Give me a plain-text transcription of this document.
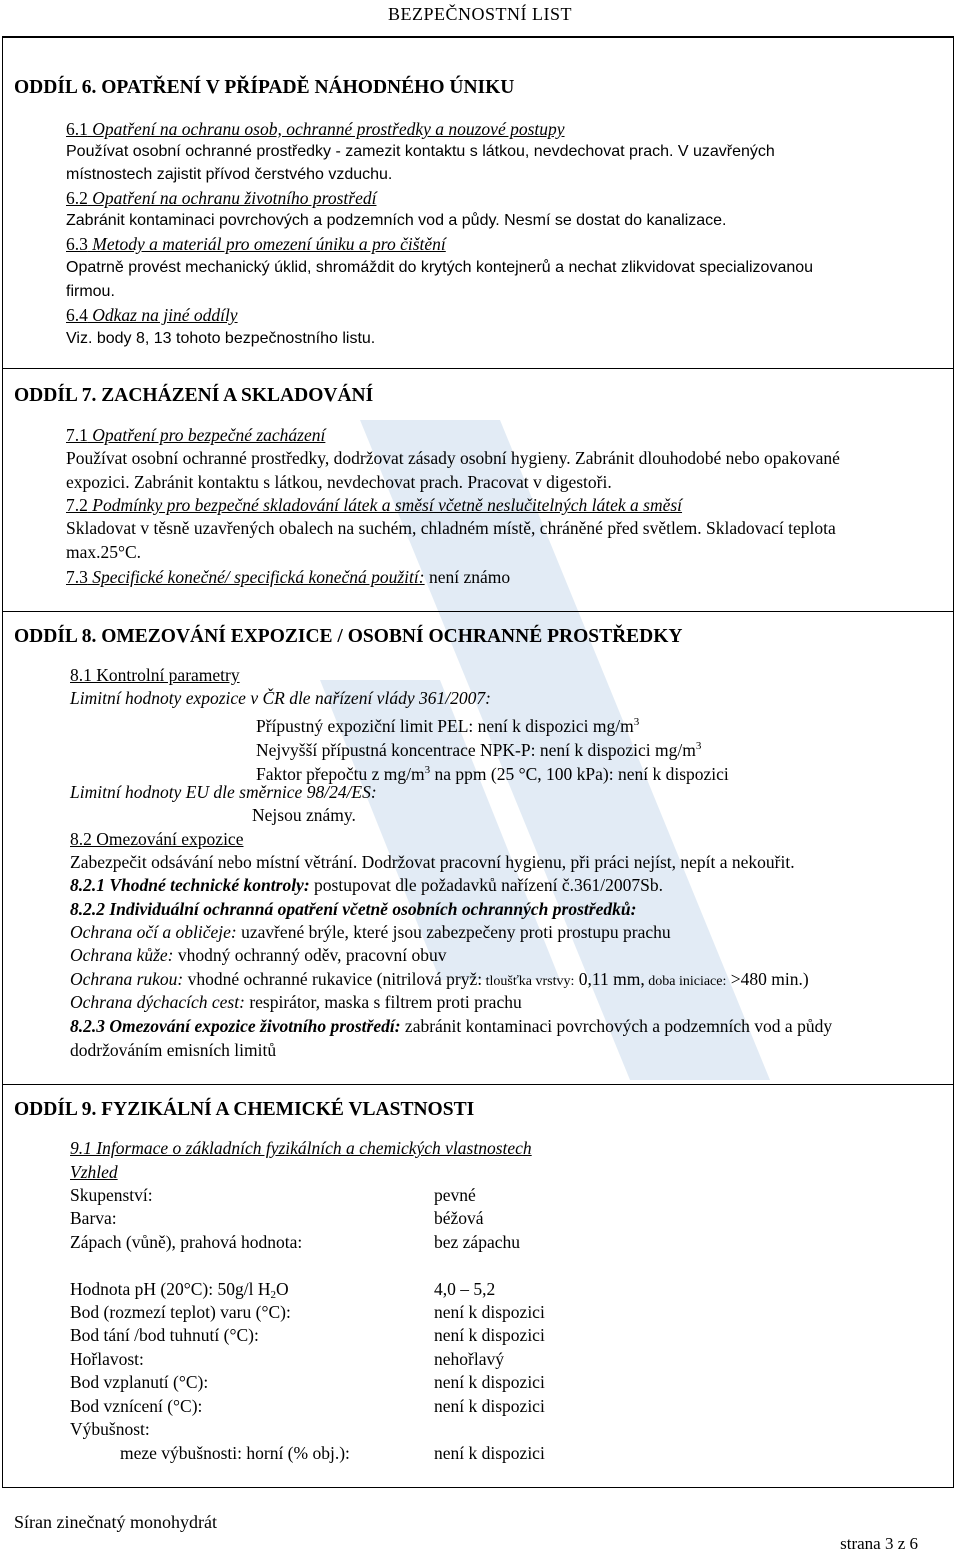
BEZPEČNOSTNÍ LIST
ODDÍL 6. OPATŘENÍ V PŘÍPADĚ NÁHODNÉHO ÚNIKU
6.1 Opatření na ochranu osob, ochranné prostředky a nouzové postupy
Používat osobní ochranné prostředky - zamezit kontaktu s látkou, nevdechovat prach. V uzavřených
místnostech zajistit přívod čerstvého vzduchu.
6.2 Opatření na ochranu životního prostředí
Zabránit kontaminaci povrchových a podzemních vod a půdy. Nesmí se dostat do kanalizace.
6.3 Metody a materiál pro omezení úniku a pro čištění
Opatrně provést mechanický úklid, shromáždit do krytých kontejnerů a nechat zlikvidovat specializovanou
firmou.
6.4 Odkaz na jiné oddíly
Viz. body 8, 13 tohoto bezpečnostního listu.
ODDÍL 7. ZACHÁZENÍ A SKLADOVÁNÍ
7.1 Opatření pro bezpečné zacházení
Používat osobní ochranné prostředky, dodržovat zásady osobní hygieny. Zabránit dlouhodobé nebo opakované
expozici. Zabránit kontaktu s látkou, nevdechovat prach. Pracovat v digestoři.
7.2 Podmínky pro bezpečné skladování látek a směsí včetně neslučitelných látek a směsí
Skladovat v těsně uzavřených obalech na suchém, chladném místě, chráněné před světlem. Skladovací teplota
max.25°C.
7.3 Specifické konečné/ specifická konečná použití: není známo
ODDÍL 8. OMEZOVÁNÍ EXPOZICE / OSOBNÍ OCHRANNÉ PROSTŘEDKY
8.1 Kontrolní parametry
Limitní hodnoty expozice v ČR dle nařízení vlády 361/2007:
Přípustný expoziční limit PEL: není k dispozici $mg/m^3$
Nejvyšší přípustná koncentrace NPK-P: není k dispozici $mg/m^3$
Faktor přepočtu z $mg/m^3$ na ppm (25 °C, 100 kPa): není k dispozici
Limitní hodnoty EU dle směrnice 98/24/ES:
Nejsou známy.
8.2 Omezování expozice
Zabezpečit odsávání nebo místní větrání. Dodržovat pracovní hygienu, při práci nejíst, nepít a nekouřit.
8.2.1 Vhodné technické kontroly: postupovat dle požadavků nařízení č.361/2007Sb.
8.2.2 Individuální ochranná opatření včetně osobních ochranných prostředků:
Ochrana očí a obličeje: uzavřené brýle, které jsou zabezpečeny proti prostupu prachu
Ochrana kůže: vhodný ochranný oděv, pracovní obuv
Ochrana rukou: vhodné ochranné rukavice (nitrilová pryž: tloušťka vrstvy: 0,11 mm, doba iniciace: >480 min.)
Ochrana dýchacích cest: respirátor, maska s filtrem proti prachu
8.2.3 Omezování expozice životního prostředí: zabránit kontaminaci povrchových a podzemních vod a půdy
dodržováním emisních limitů
ODDÍL 9. FYZIKÁLNÍ A CHEMICKÉ VLASTNOSTI
9.1 Informace o základních fyzikálních a chemických vlastnostech
Vzhled
Skupenství:	pevné
Barva:	béžová
Zápach (vůně), prahová hodnota:	bez zápachu
Hodnota pH (20°C): 50g/l $H_2O$	4,0 – 5,2
Bod (rozmezí teplot) varu (°C):	není k dispozici
Bod tání /bod tuhnutí (°C):	není k dispozici
Hořlavost:	nehořlavý
Bod vzplanutí (°C):	není k dispozici
Bod vznícení (°C):	není k dispozici
Výbušnost:
meze výbušnosti: horní (% obj.):	není k dispozici
Síran zinečnatý monohydrát
strana 3 z 6
